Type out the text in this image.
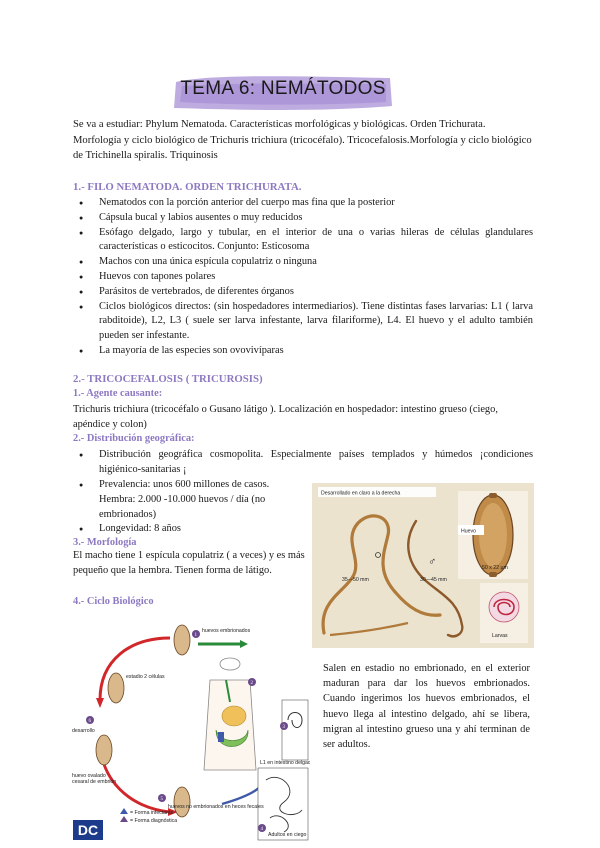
TEMA 6: NEMÁTODOS
Se va a estudiar: Phylum Nematoda. Características morfológicas y biológicas. Orden Trichurata. Morfología y ciclo biológico de Trichuris trichiura (tricocéfalo). Tricocefalosis.Morfología y ciclo biológico de Trichinella spiralis. Triquinosis
1.- FILO NEMATODA. ORDEN TRICHURATA.
● Nematodos con la porción anterior del cuerpo mas fina que la posterior
● Cápsula bucal y labios ausentes o muy reducidos
● Esófago delgado, largo y tubular, en el interior de una o varias hileras de células glandulares características o esticocitos. Conjunto: Esticosoma
● Machos con una única espícula copulatriz o ninguna
● Huevos con tapones polares
● Parásitos de vertebrados, de diferentes órganos
● Ciclos biológicos directos: (sin hospedadores intermediarios). Tiene distintas fases larvarias: L1 ( larva rabditoide), L2, L3 ( suele ser larva infestante, larva filariforme), L4. El huevo y el adulto también pueden ser infestante.
● La mayoría de las especies son ovovivíparas
2.- TRICOCEFALOSIS ( TRICUROSIS)
1.- Agente causante:
Trichuris trichiura (tricocéfalo o Gusano látigo ). Localización en hospedador: intestino grueso (ciego, apéndice y colon)
2.- Distribución geográfica:
● Distribución geográfica cosmopolita. Especialmente países templados y húmedos ¡condiciones higiénico-sanitarias ¡
● Prevalencia: unos 600 millones de casos. Hembra: 2.000 -10.000 huevos / día (no embrionados)
● Longevidad: 8 años
3.- Morfología
El macho tiene 1 espícula copulatriz ( a veces) y es más pequeño que la hembra. Tienen forma de látigo.
4.- Ciclo Biológico
Desarrollado en claro a la derecha
35—50 mm
♂
30—45 mm
Huevo
50 x 22 µm
Larvas
1
2
3
4
5
6
huevos embrionados
estadio 2 células
desarrollo
huevo ovalado
cesaral de embrión
L1 en intestino delgado
Adultos en ciego
huevos no embrionados en heces fecales
= Forma infectante
= Forma diagnóstica
Salen en estadio no embrionado, en el exterior maduran para dar los huevos embrionados. Cuando ingerimos los huevos embrionados, el huevo llega al intestino delgado, ahí se libera, migran al intestino grueso una y ahí terminan de ser adultos.
DC
